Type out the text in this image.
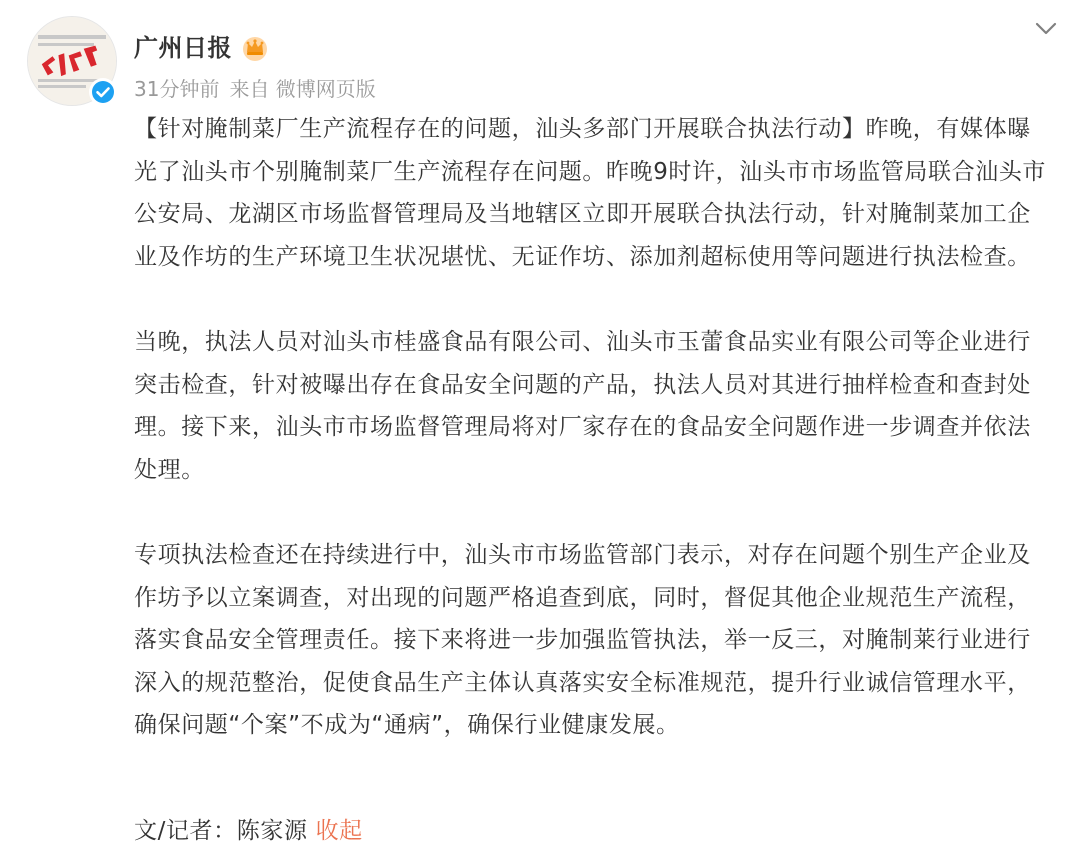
广州日报
31分钟前 来自 微博网页版

【针对腌制菜厂生产流程存在的问题，汕头多部门开展联合执法行动】昨晚，有媒体曝光了汕头市个别腌制菜厂生产流程存在问题。昨晚9时许，汕头市市场监管局联合汕头市公安局、龙湖区市场监督管理局及当地辖区立即开展联合执法行动，针对腌制菜加工企业及作坊的生产环境卫生状况堪忧、无证作坊、添加剂超标使用等问题进行执法检查。

当晚，执法人员对汕头市桂盛食品有限公司、汕头市玉蕾食品实业有限公司等企业进行突击检查，针对被曝出存在食品安全问题的产品，执法人员对其进行抽样检查和查封处理。接下来，汕头市市场监督管理局将对厂家存在的食品安全问题作进一步调查并依法处理。

专项执法检查还在持续进行中，汕头市市场监管部门表示，对存在问题个别生产企业及作坊予以立案调查，对出现的问题严格追查到底，同时，督促其他企业规范生产流程，落实食品安全管理责任。接下来将进一步加强监管执法，举一反三，对腌制莱行业进行深入的规范整治，促使食品生产主体认真落实安全标准规范，提升行业诚信管理水平，确保问题“个案”不成为“通病”，确保行业健康发展。

文/记者：陈家源 收起
